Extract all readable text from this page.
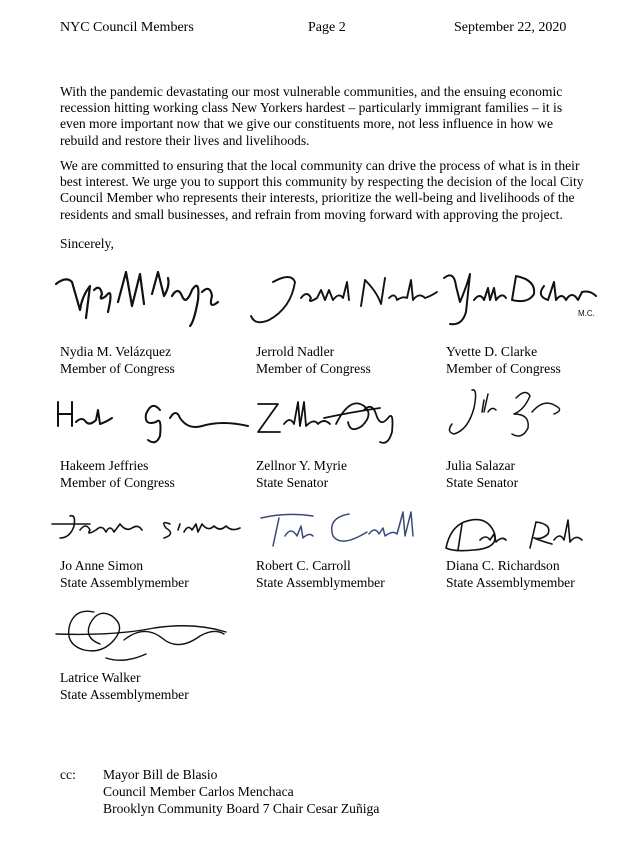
NYC Council Members	Page 2	September 22, 2020

With the pandemic devastating our most vulnerable communities, and the ensuing economic recession hitting working class New Yorkers hardest – particularly immigrant families – it is even more important now that we give our constituents more, not less influence in how we rebuild and restore their lives and livelihoods.

We are committed to ensuring that the local community can drive the process of what is in their best interest. We urge you to support this community by respecting the decision of the local City Council Member who represents their interests, prioritize the well-being and livelihoods of the residents and small businesses, and refrain from moving forward with approving the project.

Sincerely,
M.C.
Nydia M. Velázquez
Member of Congress
Jerrold Nadler
Member of Congress
Yvette D. Clarke
Member of Congress
Hakeem Jeffries
Member of Congress
Zellnor Y. Myrie
State Senator
Julia Salazar
State Senator
Jo Anne Simon
State Assemblymember
Robert C. Carroll
State Assemblymember
Diana C. Richardson
State Assemblymember
Latrice Walker
State Assemblymember
cc: Mayor Bill de Blasio
Council Member Carlos Menchaca
Brooklyn Community Board 7 Chair Cesar Zuñiga
